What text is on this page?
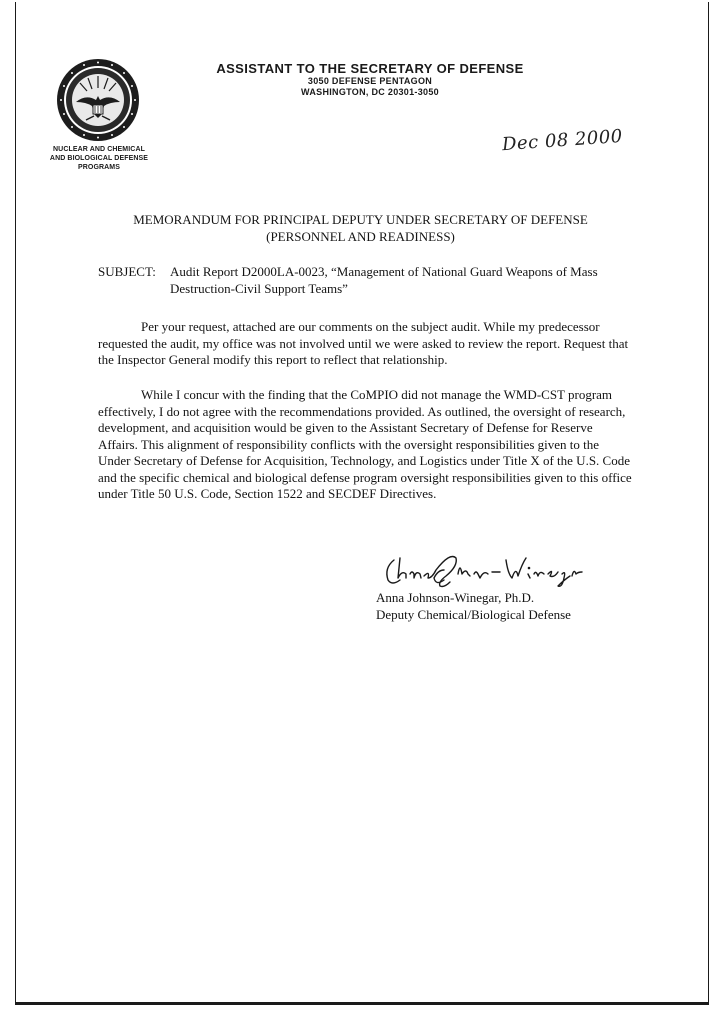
NUCLEAR AND CHEMICAL
AND BIOLOGICAL DEFENSE
PROGRAMS
ASSISTANT TO THE SECRETARY OF DEFENSE
3050 DEFENSE PENTAGON
WASHINGTON, DC 20301-3050
Dec 08 2000
MEMORANDUM FOR PRINCIPAL DEPUTY UNDER SECRETARY OF DEFENSE
(PERSONNEL AND READINESS)
SUBJECT: Audit Report D2000LA-0023, “Management of National Guard Weapons of Mass
Destruction-Civil Support Teams”
Per your request, attached are our comments on the subject audit. While my predecessor requested the audit, my office was not involved until we were asked to review the report. Request that the Inspector General modify this report to reflect that relationship.
While I concur with the finding that the CoMPIO did not manage the WMD-CST program effectively, I do not agree with the recommendations provided. As outlined, the oversight of research, development, and acquisition would be given to the Assistant Secretary of Defense for Reserve Affairs. This alignment of responsibility conflicts with the oversight responsibilities given to the Under Secretary of Defense for Acquisition, Technology, and Logistics under Title X of the U.S. Code and the specific chemical and biological defense program oversight responsibilities given to this office under Title 50 U.S. Code, Section 1522 and SECDEF Directives.
Anna Johnson-Winegar, Ph.D.
Deputy Chemical/Biological Defense
